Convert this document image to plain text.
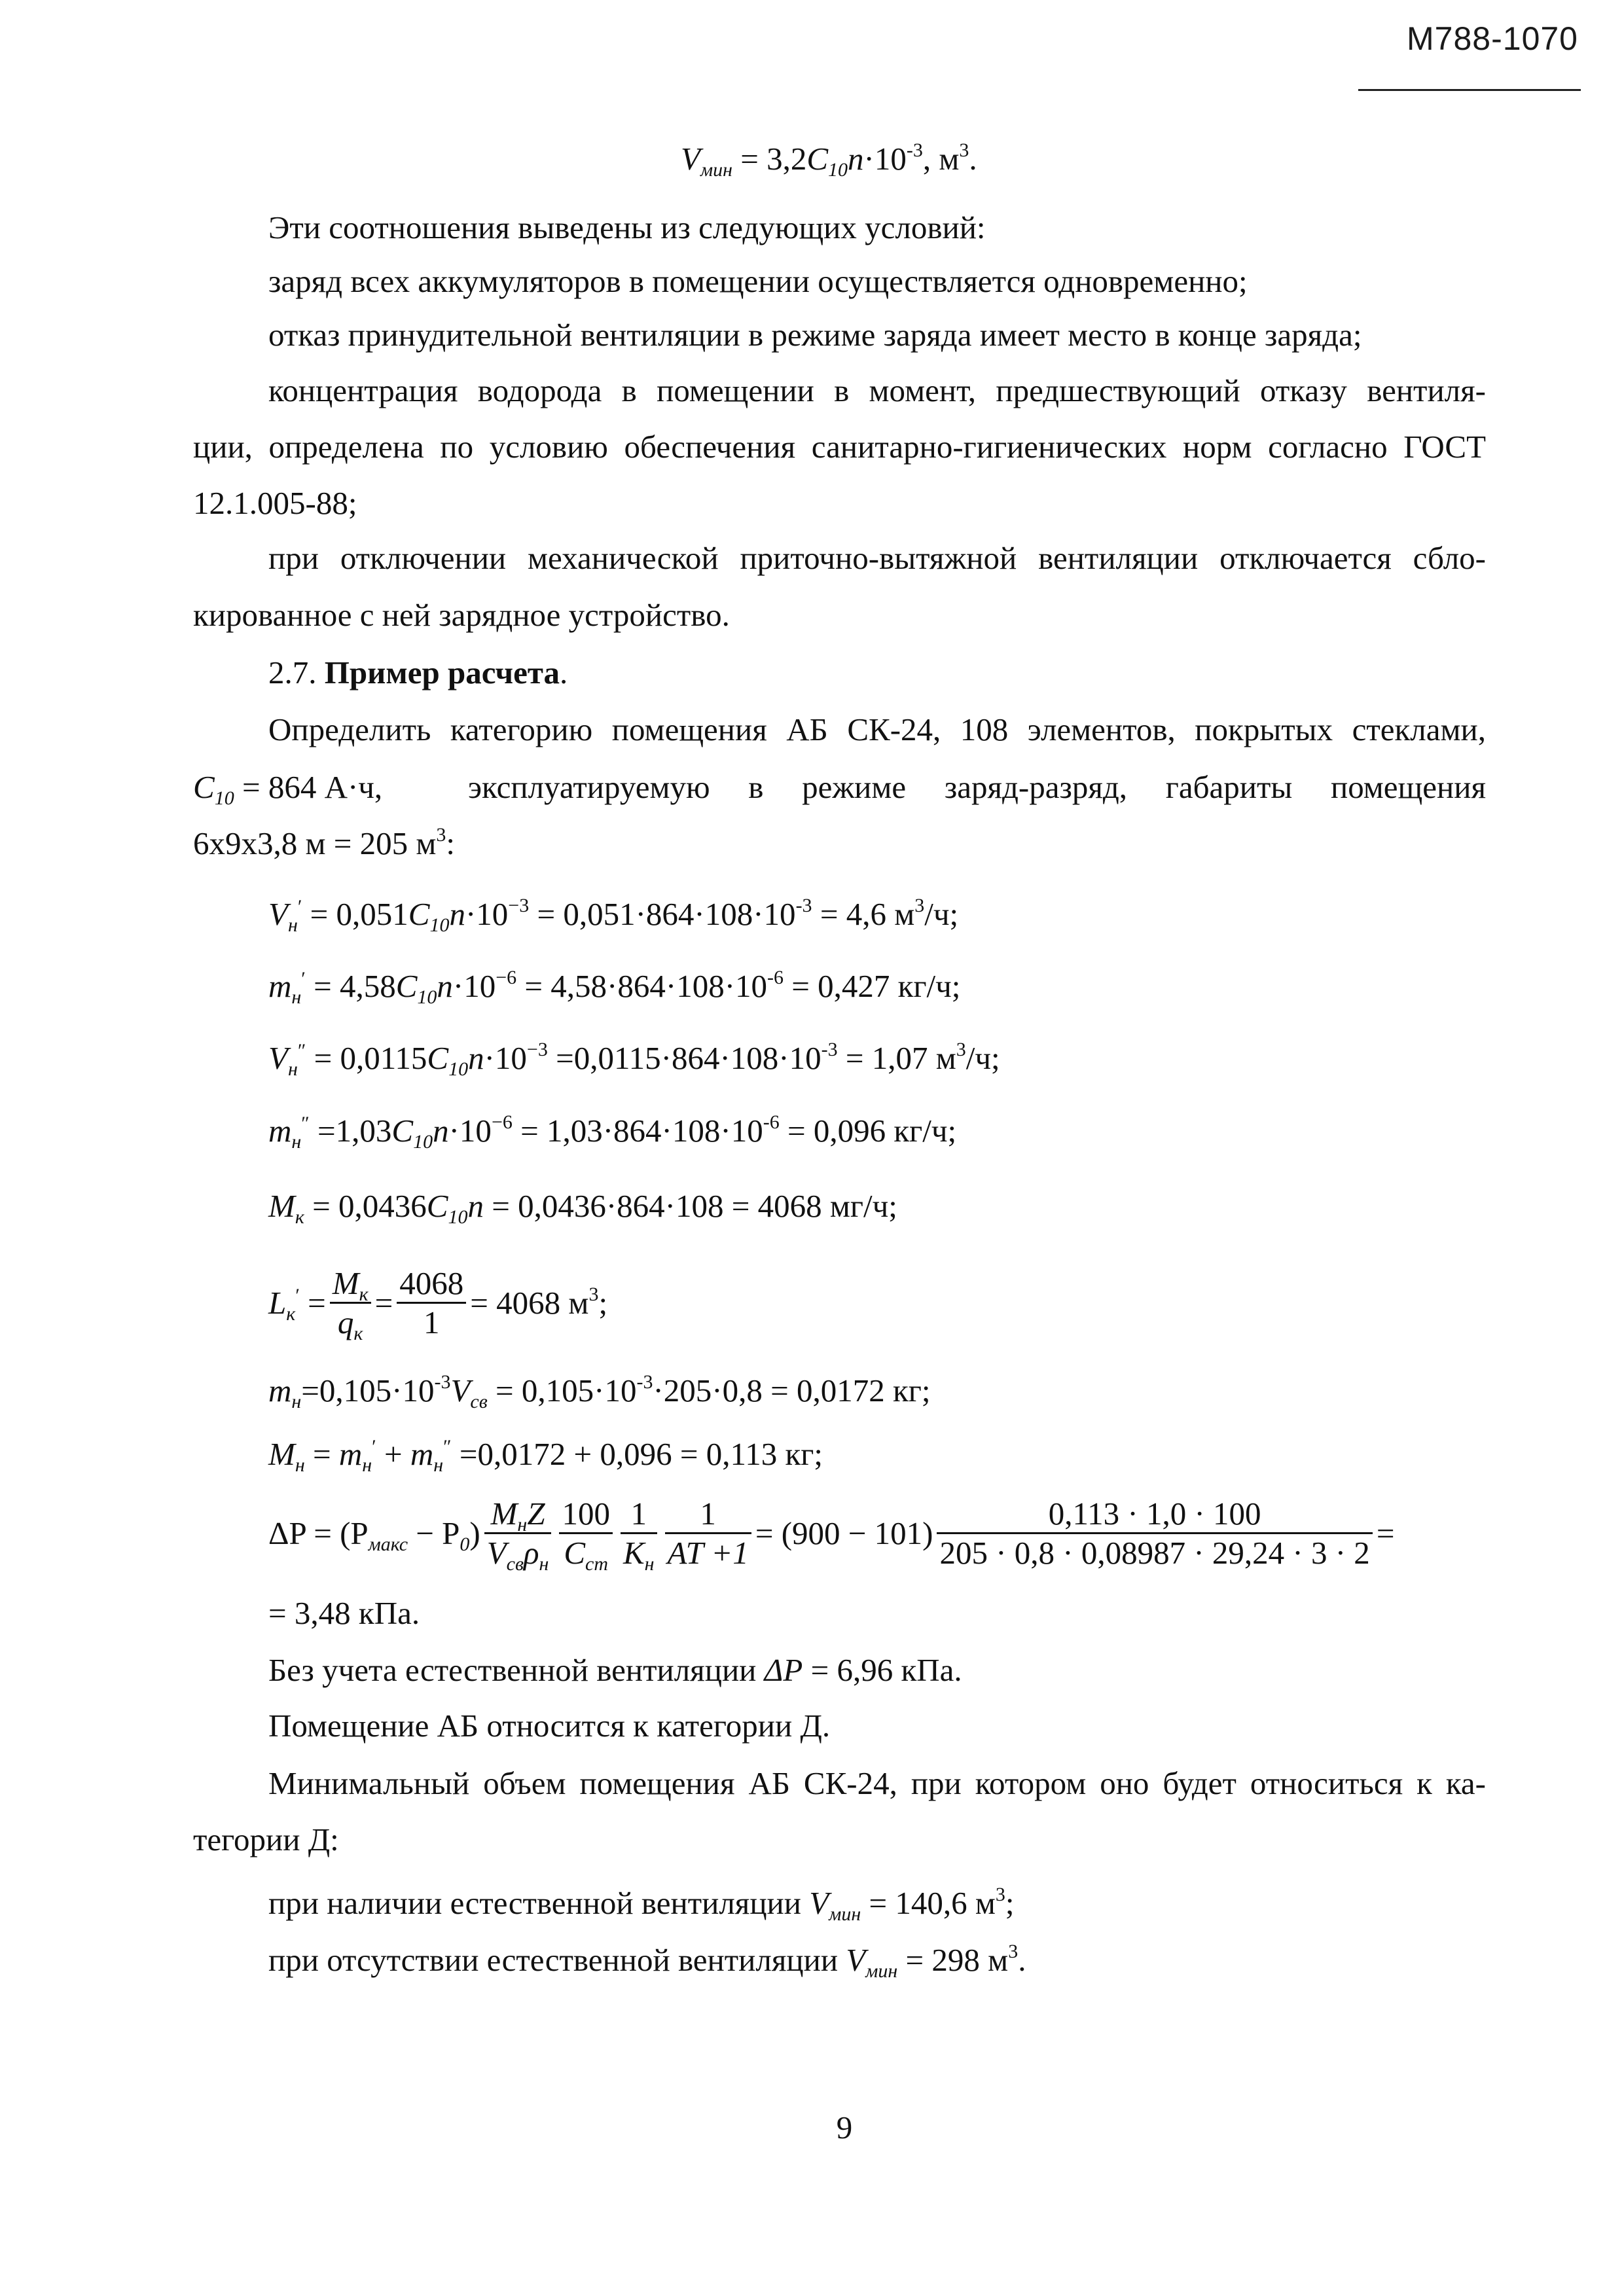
М788-1070
$V_{мин} = 3,2C_{10}n\cdot 10^{-3}$, $м^3$.
Эти соотношения выведены из следующих условий:
заряд всех аккумуляторов в помещении осуществляется одновременно;
отказ принудительной вентиляции в режиме заряда имеет место в конце заряда;
концентрация водорода в помещении в момент, предшествующий отказу вентиля-
ции, определена по условию обеспечения санитарно-гигиенических норм согласно ГОСТ
12.1.005-88;
при отключении механической приточно-вытяжной вентиляции отключается сбло-
кированное с ней зарядное устройство.
2.7. Пример расчета.
Определить категорию помещения АБ СК-24, 108 элементов, покрытых стеклами,
$C_{10} = 864$ А·ч,	эксплуатируемую в режиме заряд-разряд, габариты помещения
6х9х3,8 м = 205 $м^3$:
$V_н' = 0,051C_{10}n\cdot 10^{-3} = 0,051\cdot 864\cdot 108\cdot 10^{-3} = 4,6$ $м^3/ч$;
$m_н' = 4,58C_{10}n\cdot 10^{-6} = 4,58\cdot 864\cdot 108\cdot 10^{-6} = 0,427$ кг/ч;
$V_н'' = 0,0115C_{10}n\cdot 10^{-3} =0,0115\cdot 864\cdot 108\cdot 10^{-3} = 1,07$ $м^3/ч$;
$m_н'' =1,03C_{10}n\cdot 10^{-6} = 1,03\cdot 864\cdot 108\cdot 10^{-6} = 0,096$ кг/ч;
$M_к = 0,0436C_{10}n = 0,0436\cdot 864\cdot 108 = 4068$ мг/ч;
$L_к' = \frac{M_к}{q_к} = \frac{4068}{1} = 4068$ $м^3$;
$m_н=0,105\cdot 10^{-3}V_{св} = 0,105\cdot 10^{-3}\cdot 205\cdot 0,8 = 0,0172$ кг;
$M_н = m_н' + m_н'' =0,0172 + 0,096 = 0,113$ кг;
$\Delta P = (P_{макс} - P_0) \frac{M_нZ}{V_{св}\rho_н} \frac{100}{C_{ст}} \frac{1}{K_н} \frac{1}{AT +1} = (900 - 101) \frac{0,113 \cdot 1,0 \cdot 100}{205 \cdot 0,8 \cdot 0,08987 \cdot 29,24 \cdot 3 \cdot 2}$ =
= 3,48 кПа.
Без учета естественной вентиляции ΔP = 6,96 кПа.
Помещение АБ относится к категории Д.
Минимальный объем помещения АБ СК-24, при котором оно будет относиться к ка-
тегории Д:
при наличии естественной вентиляции $V_{мин} = 140,6$ $м^3$;
при отсутствии естественной вентиляции $V_{мин} = 298$ $м^3$.
9
